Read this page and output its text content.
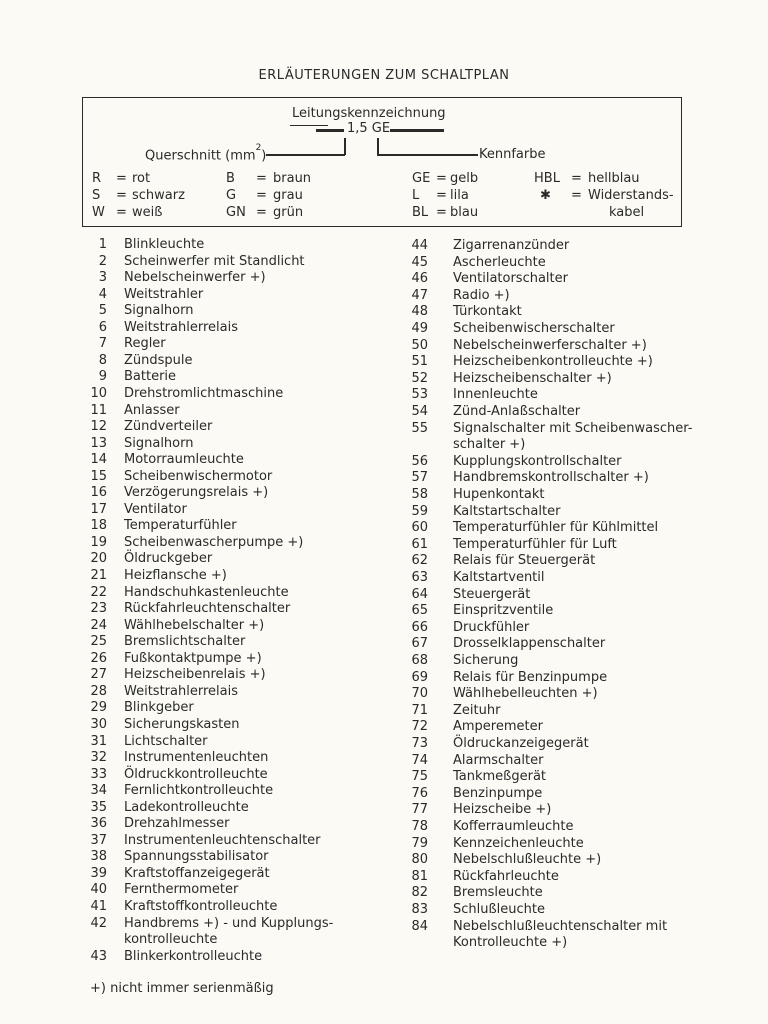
ERLÄUTERUNGEN ZUM SCHALTPLAN
Leitungskennzeichnung
1,5 GE
Querschnitt $(mm^2)$	Kennfarbe
R = rot
S = schwarz
W = weiß
B = braun
G = grau
GN = grün
GE = gelb
L = lila
BL = blau
HBL = hellblau
✱ = Widerstands-
kabel
1 Blinkleuchte
2 Scheinwerfer mit Standlicht
3 Nebelscheinwerfer +)
4 Weitstrahler
5 Signalhorn
6 Weitstrahlerrelais
7 Regler
8 Zündspule
9 Batterie
10 Drehstromlichtmaschine
11 Anlasser
12 Zündverteiler
13 Signalhorn
14 Motorraumleuchte
15 Scheibenwischermotor
16 Verzögerungsrelais +)
17 Ventilator
18 Temperaturfühler
19 Scheibenwascherpumpe +)
20 Öldruckgeber
21 Heizflansche +)
22 Handschuhkastenleuchte
23 Rückfahrleuchtenschalter
24 Wählhebelschalter +)
25 Bremslichtschalter
26 Fußkontaktpumpe +)
27 Heizscheibenrelais +)
28 Weitstrahlerrelais
29 Blinkgeber
30 Sicherungskasten
31 Lichtschalter
32 Instrumentenleuchten
33 Öldruckkontrolleuchte
34 Fernlichtkontrolleuchte
35 Ladekontrolleuchte
36 Drehzahlmesser
37 Instrumentenleuchtenschalter
38 Spannungsstabilisator
39 Kraftstoffanzeigegerät
40 Fernthermometer
41 Kraftstoffkontrolleuchte
42 Handbrems +) - und Kupplungs-
kontrolleuchte
43 Blinkerkontrolleuchte
44 Zigarrenanzünder
45 Ascherleuchte
46 Ventilatorschalter
47 Radio +)
48 Türkontakt
49 Scheibenwischerschalter
50 Nebelscheinwerferschalter +)
51 Heizscheibenkontrolleuchte +)
52 Heizscheibenschalter +)
53 Innenleuchte
54 Zünd-Anlaßschalter
55 Signalschalter mit Scheibenwascher-
schalter +)
56 Kupplungskontrollschalter
57 Handbremskontrollschalter +)
58 Hupenkontakt
59 Kaltstartschalter
60 Temperaturfühler für Kühlmittel
61 Temperaturfühler für Luft
62 Relais für Steuergerät
63 Kaltstartventil
64 Steuergerät
65 Einspritzventile
66 Druckfühler
67 Drosselklappenschalter
68 Sicherung
69 Relais für Benzinpumpe
70 Wählhebelleuchten +)
71 Zeituhr
72 Amperemeter
73 Öldruckanzeigegerät
74 Alarmschalter
75 Tankmeßgerät
76 Benzinpumpe
77 Heizscheibe +)
78 Kofferraumleuchte
79 Kennzeichenleuchte
80 Nebelschlußleuchte +)
81 Rückfahrleuchte
82 Bremsleuchte
83 Schlußleuchte
84 Nebelschlußleuchtenschalter mit
Kontrolleuchte +)
+) nicht immer serienmäßig
